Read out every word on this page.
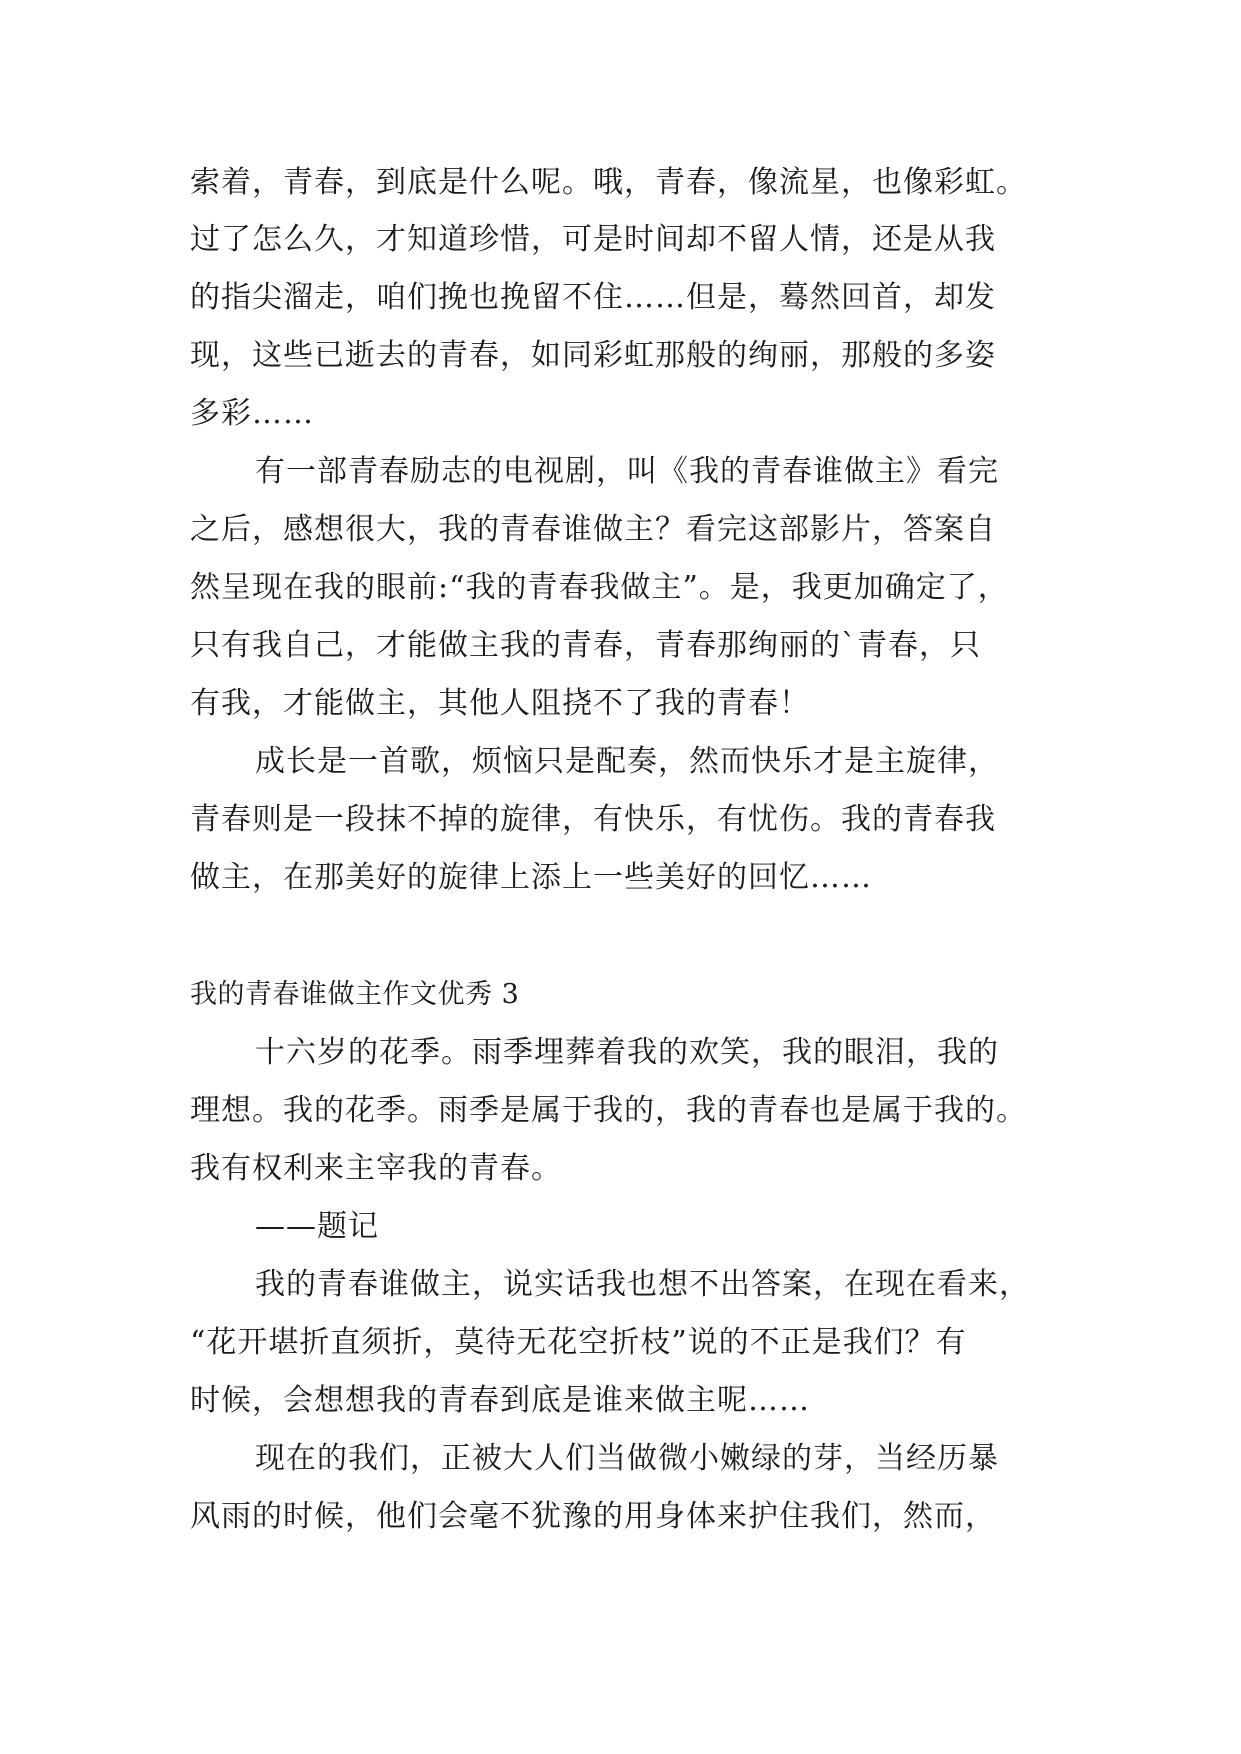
索着，青春，到底是什么呢。哦，青春，像流星，也像彩虹。
过了怎么久，才知道珍惜，可是时间却不留人情，还是从我
的指尖溜走，咱们挽也挽留不住……但是，蓦然回首，却发
现，这些已逝去的青春，如同彩虹那般的绚丽，那般的多姿
多彩……
有一部青春励志的电视剧，叫《我的青春谁做主》看完
之后，感想很大，我的青春谁做主？看完这部影片，答案自
然呈现在我的眼前:“我的青春我做主”。是，我更加确定了，
只有我自己，才能做主我的青春，青春那绚丽的`青春，只
有我，才能做主，其他人阻挠不了我的青春！
成长是一首歌，烦恼只是配奏，然而快乐才是主旋律，
青春则是一段抹不掉的旋律，有快乐，有忧伤。我的青春我
做主，在那美好的旋律上添上一些美好的回忆……
我的青春谁做主作文优秀 3
十六岁的花季。雨季埋葬着我的欢笑，我的眼泪，我的
理想。我的花季。雨季是属于我的，我的青春也是属于我的。
我有权利来主宰我的青春。
——题记
我的青春谁做主，说实话我也想不出答案，在现在看来，
“花开堪折直须折，莫待无花空折枝”说的不正是我们？有
时候，会想想我的青春到底是谁来做主呢……
现在的我们，正被大人们当做微小嫩绿的芽，当经历暴
风雨的时候，他们会毫不犹豫的用身体来护住我们，然而，
